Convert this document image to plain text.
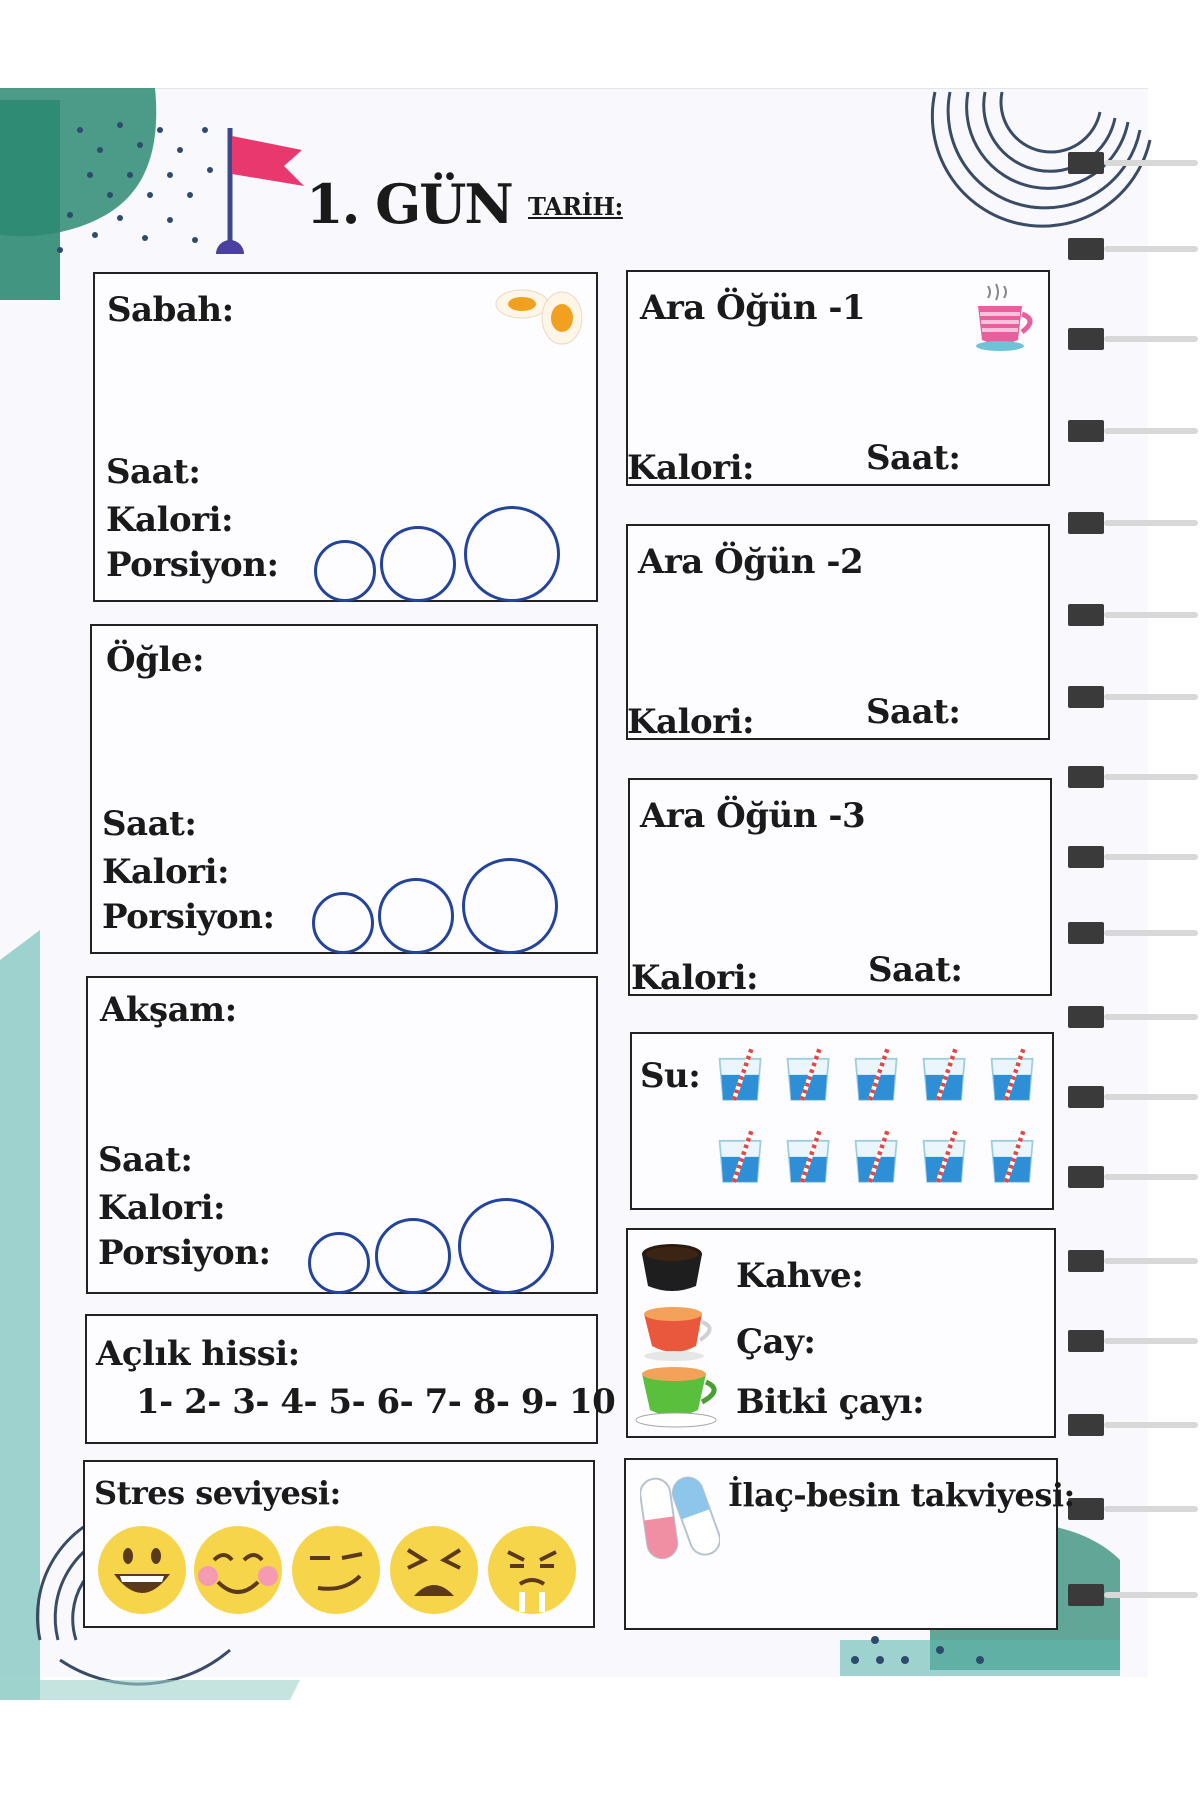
1. GÜN TARİH:
Sabah:
Saat:
Kalori:
Porsiyon:
Öğle:
Saat:
Kalori:
Porsiyon:
Akşam:
Saat:
Kalori:
Porsiyon:
Açlık hissi:
1- 2- 3- 4- 5- 6- 7- 8- 9- 10
Stres seviyesi:
Ara Öğün -1
Kalori:	Saat:
Ara Öğün -2
Kalori:	Saat:
Ara Öğün -3
Kalori:	Saat:
Su:
Kahve:
Çay:
Bitki çayı:
İlaç-besin takviyesi:
